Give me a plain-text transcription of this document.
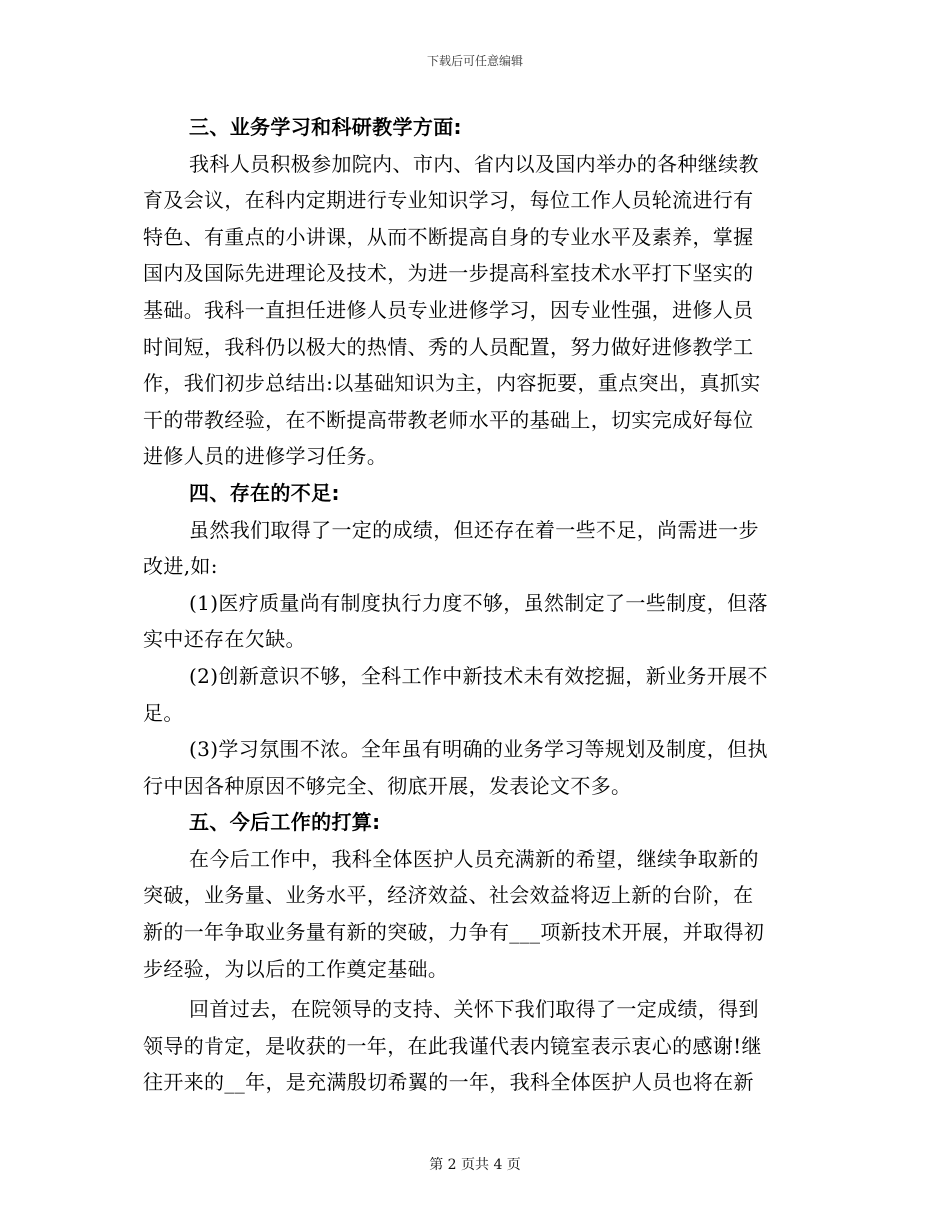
下载后可任意编辑
三、业务学习和科研教学方面:
我科人员积极参加院内、市内、省内以及国内举办的各种继续教
育及会议，在科内定期进行专业知识学习，每位工作人员轮流进行有
特色、有重点的小讲课，从而不断提高自身的专业水平及素养，掌握
国内及国际先进理论及技术，为进一步提高科室技术水平打下坚实的
基础。我科一直担任进修人员专业进修学习，因专业性强，进修人员
时间短，我科仍以极大的热情、秀的人员配置，努力做好进修教学工
作，我们初步总结出:以基础知识为主，内容扼要，重点突出，真抓实
干的带教经验，在不断提高带教老师水平的基础上，切实完成好每位
进修人员的进修学习任务。
四、存在的不足:
虽然我们取得了一定的成绩，但还存在着一些不足，尚需进一步
改进,如:
(1)医疗质量尚有制度执行力度不够，虽然制定了一些制度，但落
实中还存在欠缺。
(2)创新意识不够，全科工作中新技术未有效挖掘，新业务开展不
足。
(3)学习氛围不浓。全年虽有明确的业务学习等规划及制度，但执
行中因各种原因不够完全、彻底开展，发表论文不多。
五、今后工作的打算:
在今后工作中，我科全体医护人员充满新的希望，继续争取新的
突破，业务量、业务水平，经济效益、社会效益将迈上新的台阶，在
新的一年争取业务量有新的突破，力争有___项新技术开展，并取得初
步经验，为以后的工作奠定基础。
回首过去，在院领导的支持、关怀下我们取得了一定成绩，得到
领导的肯定，是收获的一年，在此我谨代表内镜室表示衷心的感谢!继
往开来的__年，是充满殷切希翼的一年，我科全体医护人员也将在新
第 2 页共 4 页
